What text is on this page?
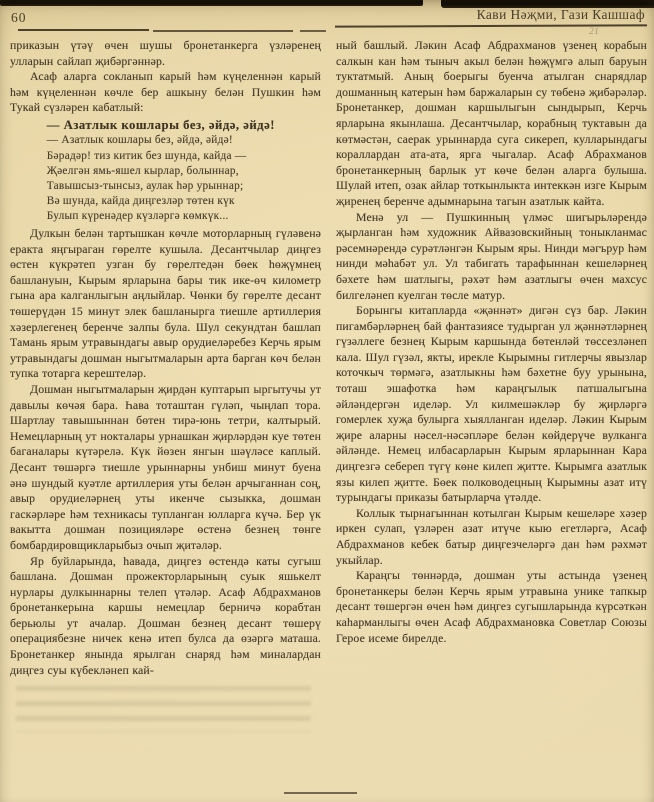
60	Кави Нәҗми, Гази Кашшаф
21

приказын үтәү өчен шушы бронетанкерга үзләренең улларын сайлап җибәргәннәр.

Асаф аларга сокланып карый һәм күңеленнән карый һәм күңеленнән көчле бер ашкыну белән Пушкин һәм Тукай сүзләрен кабатлый:

— Азатлык кошлары без, әйдә, әйдә!
— Азатлык кошлары без, әйдә, әйдә!
Бәрадәр! тиз китик без шунда, кайда —
Җәелгән ямь-яшел кырлар, болыннар,
Тавышсыз-тынсыз, аулак һәр урыннар;
Вә шунда, кайда диңгезләр төтен күк
Булып күренәдер күзләргә көмкүк...

Дулкын белән тартышкан көчле моторларның гүләвенә еракта яңгыраган гөрелте кушыла. Десантчылар диңгез өстен күкрәтеп узган бу гөрелтедән бөек һөҗүмнең башлануын, Кырым ярларына бары тик ике-өч километр гына ара калганлыгын аңлыйлар. Чөнки бу гөрелте десант төшерүдән 15 минут элек башланырга тиешле артиллерия хәзерлегенең беренче залпы була. Шул секундтан башлап Тамань ярым утравындагы авыр орудиеләребез Керчь ярым утравындагы дошман ныгытмаларын арта барган көч белән тупка тотарга керештеләр.

Дошман ныгытмаларын җирдән куптарып ыргытучы ут давылы көчәя бара. Һава тоташтан гүләп, чыңлап тора. Шартлау тавышыннан бөтен тирә-юнь тетри, калтырый. Немецларның ут нокталары урнашкан җирләрдән куе төтен баганалары күтәрелә. Күк йөзен янгын шәүләсе каплый. Десант төшәргә тиешле урыннарны унбиш минут буена әнә шундый куәтле артиллерия уты белән арчыганнан соң, авыр орудиеләрнең уты икенче сызыкка, дошман гаскәрләре һәм техникасы тупланган юлларга күчә. Бер үк вакытта дошман позицияләре өстенә безнең төнге бомбардировщикларыбыз очып җитәләр.

Яр буйларында, һавада, диңгез өстендә каты сугыш башлана. Дошман прожекторларының суык яшькелт нурлары дулкыннарны телеп үтәләр. Асаф Абдрахманов бронетанкерына каршы немецлар берничә корабтан берьюлы ут ачалар. Дошман безнең десант төшерү операциябезне ничек кенә итеп булса да өзәргә маташа. Бронетанкер янында ярылган снаряд һәм миналардан диңгез суы күбекләнеп кай-

ный башлый. Ләкин Асаф Абдрахманов үзенең корабын салкын кан һәм тыныч акыл белән һөҗүмгә алып баруын туктатмый. Аның боерыгы буенча атылган снарядлар дошманның катерын һәм баржаларын су төбенә җибәрәләр. Бронетанкер, дошман каршылыгын сындырып, Керчь ярларына якынлаша. Десантчылар, корабның туктавын да көтмәстән, саерак урыннарда суга сикереп, кулларындагы кораллардан ата-ата, ярга чыгалар. Асаф Абрахманов бронетанкерның барлык ут көче белән аларга булыша. Шулай итеп, озак айлар тоткынлыкта интеккән изге Кырым җиренең беренче адымнарына тагын азатлык кайта.

Менә ул — Пушкинның үлмәс шигырьләрендә җырланган һәм художник Айвазовскийның тоныкланмас рәсемнәрендә сурәтләнгән Кырым яры. Нинди мәгърур һәм нинди мәһабәт ул. Ул табигать тарафыннан кешеләрнең бәхете һәм шатлыгы, рәхәт һәм азатлыгы өчен махсус билгеләнеп куелган төсле матур.

Борынгы китапларда «җәннәт» дигән сүз бар. Ләкин пигамбәрләрнең бай фантазиясе тудырган ул җәннәтләрнең гүзәллеге безнең Кырым каршында бөтенләй төссезләнеп кала. Шул гүзәл, якты, ирекле Кырымны гитлерчы явызлар коточкыч төрмәгә, азатлыкны һәм бәхетне буу урынына, тоташ эшафотка һәм караңгылык патшалыгына әйләндергән иделәр. Ул килмешәкләр бу җирләргә гомерлек хуҗа булырга хыялланган иделәр. Ләкин Кырым җире аларны нәсел-нәсәпләре белән көйдерүче вулканга әйләнде. Немец илбасарларын Кырым ярларыннан Кара диңгезгә себереп түгү көне килеп җитте. Кырымга азатлык язы килеп җитте. Бөек полководецның Кырымны азат итү турындагы приказы батырларча үтәлде.

Коллык тырнагыннан котылган Кырым кешеләре хәзер иркен сулап, үзләрен азат итүче кыю егетләргә, Асаф Абдрахманов кебек батыр диңгезчеләргә дан һәм рәхмәт укыйлар.

Караңгы төннәрдә, дошман уты астында үзенең бронетанкеры белән Керчь ярым утравына унике тапкыр десант төшергән өчен һәм диңгез сугышларында күрсәткән каһарманлыгы өчен Асаф Абдрахмановка Советлар Союзы Герое исеме бирелде.
